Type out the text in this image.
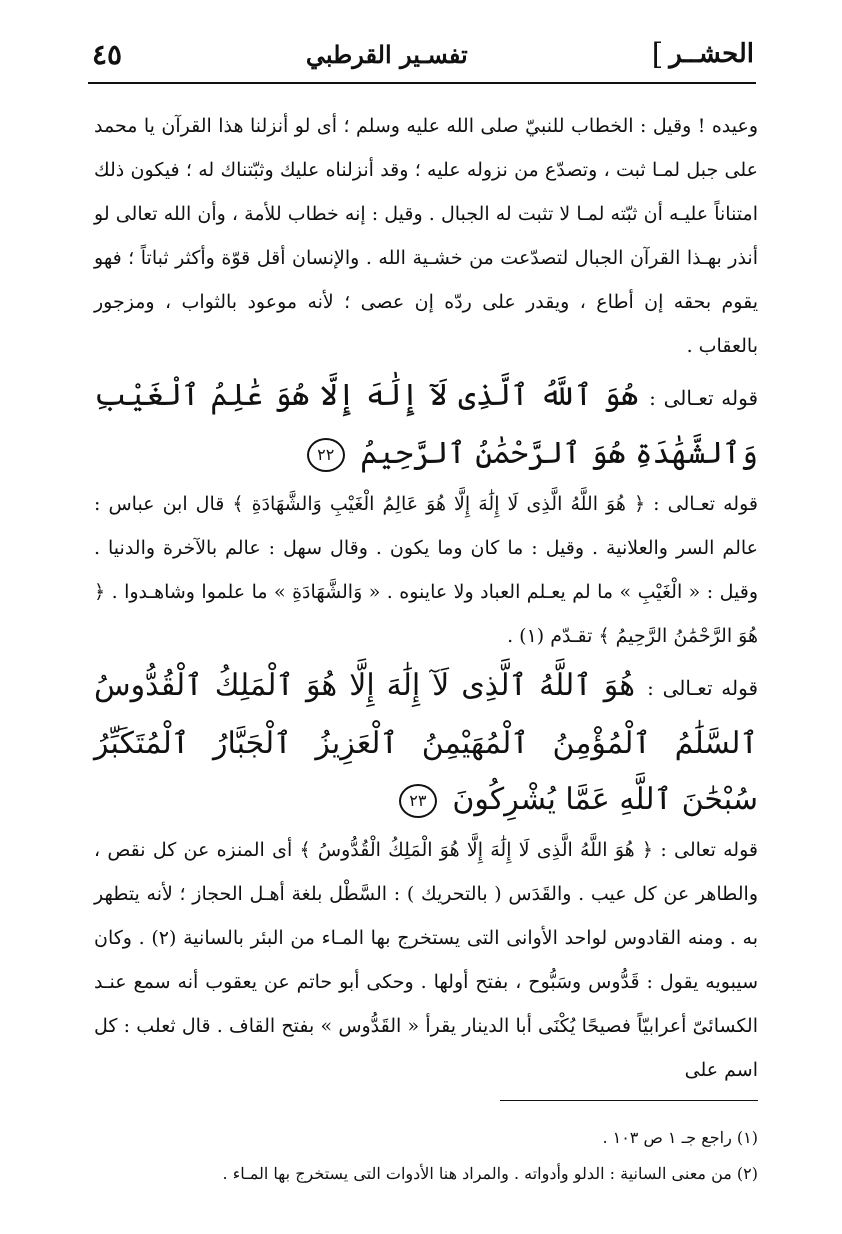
الحشــر
]
تفسـير القرطبي
٤٥

وعيده ! وقيل : الخطاب للنبيّ صلى الله عليه وسلم ؛ أى لو أنزلنا هذا القرآن يا محمد على جبل لمـا ثبت ، وتصدّع من نزوله عليه ؛ وقد أنزلناه عليك وثبّتناك له ؛ فيكون ذلك امتناناً عليـه أن ثبّته لمـا لا تثبت له الجبال . وقيل : إنه خطاب للأمة ، وأن الله تعالى لو أنذر بهـذا القرآن الجبال لتصدّعت من خشـية الله . والإنسان أقل قوّة وأكثر ثباتاً ؛ فهو يقوم بحقه إن أطاع ، ويقدر على ردّه إن عصى ؛ لأنه موعود بالثواب ، ومزجور بالعقاب .

قوله تعـالى : هُوَ ٱللَّهُ ٱلَّذِى لَآ إِلَٰهَ إِلَّا هُوَ عَٰلِمُ ٱلْغَيْبِ وَٱلشَّهَٰدَةِ هُوَ ٱلرَّحْمَٰنُ ٱلرَّحِيمُ ٢٢

قوله تعـالى : ﴿ هُوَ اللَّهُ الَّذِى لَا إِلَٰهَ إِلَّا هُوَ عَالِمُ الْغَيْبِ وَالشَّهَادَةِ ﴾ قال ابن عباس : عالم السر والعلانية . وقيل : ما كان وما يكون . وقال سهل : عالم بالآخرة والدنيا . وقيل : « الْغَيْبِ » ما لم يعـلم العباد ولا عاينوه . « وَالشَّهَادَةِ » ما علموا وشاهـدوا . ﴿ هُوَ الرَّحْمَٰنُ الرَّحِيمُ ﴾ تقـدّم (١) .

قوله تعـالى : هُوَ ٱللَّهُ ٱلَّذِى لَآ إِلَٰهَ إِلَّا هُوَ ٱلْمَلِكُ ٱلْقُدُّوسُ ٱلسَّلَٰمُ ٱلْمُؤْمِنُ ٱلْمُهَيْمِنُ ٱلْعَزِيزُ ٱلْجَبَّارُ ٱلْمُتَكَبِّرُ سُبْحَٰنَ ٱللَّهِ عَمَّا يُشْرِكُونَ ٢٣

قوله تعالى : ﴿ هُوَ اللَّهُ الَّذِى لَا إِلَٰهَ إِلَّا هُوَ الْمَلِكُ الْقُدُّوسُ ﴾ أى المنزه عن كل نقص ، والطاهر عن كل عيب . والقَدَس ( بالتحريك ) : السَّطْل بلغة أهـل الحجاز ؛ لأنه يتطهر به . ومنه القادوس لواحد الأوانى التى يستخرج بها المـاء من البئر بالسانية (٢) . وكان سيبويه يقول : قَدُّوس وسَبُّوح ، بفتح أولها . وحكى أبو حاتم عن يعقوب أنه سمع عنـد الكسائىّ أعرابيّاً فصيحًا يُكْنَى أبا الدينار يقرأ « القَدُّوس » بفتح القاف . قال ثعلب : كل اسم على

(١) راجع جـ ١ ص ١٠٣ .

(٢) من معنى السانية : الدلو وأدواته . والمراد هنا الأدوات التى يستخرج بها المـاء .
